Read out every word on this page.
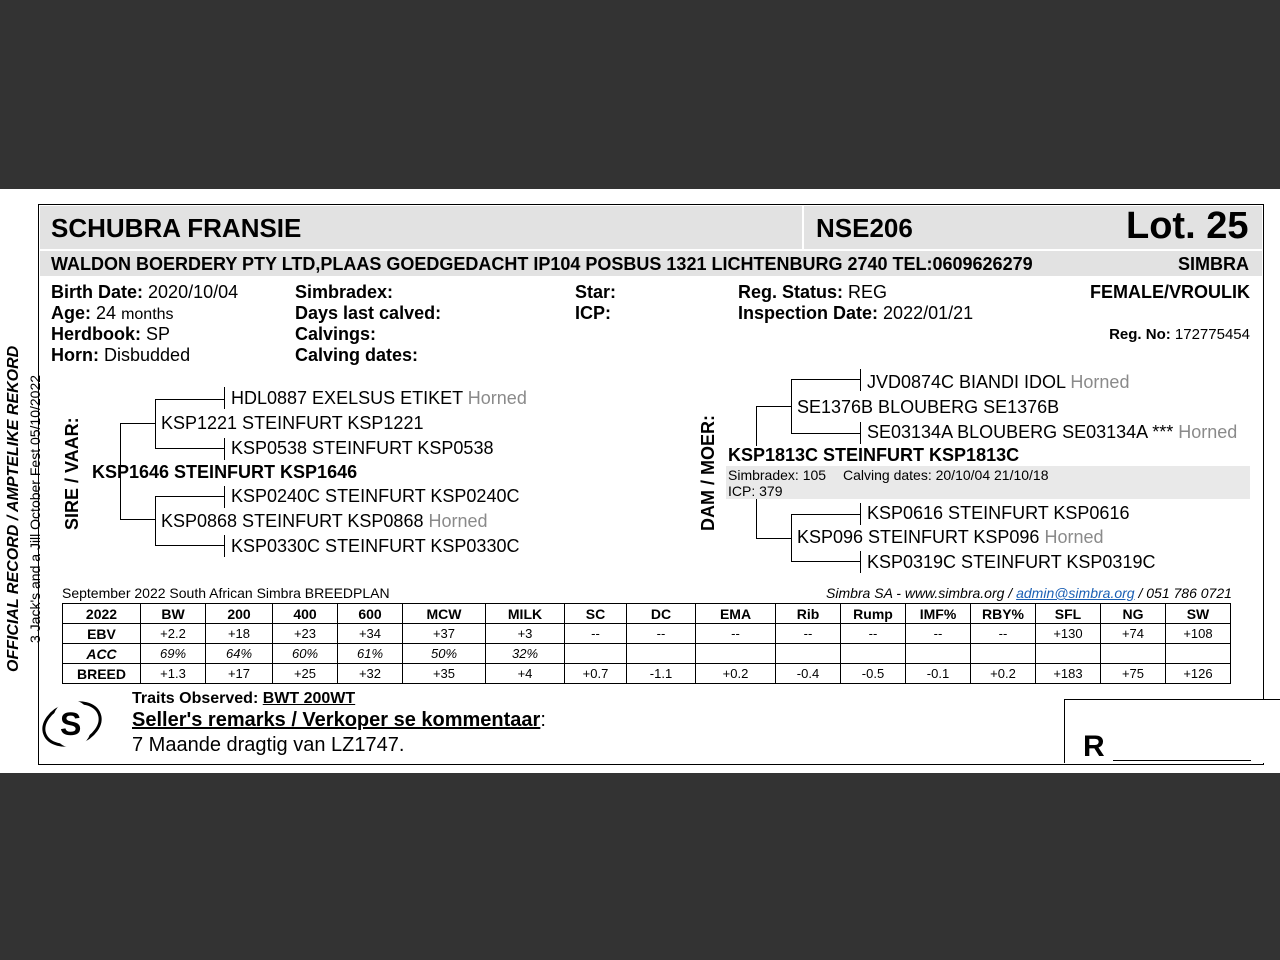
SCHUBRA FRANSIE	NSE206	Lot. 25
WALDON BOERDERY PTY LTD,PLAAS GOEDGEDACHT IP104 POSBUS 1321 LICHTENBURG 2740 TEL:0609626279	SIMBRA
Birth Date: 2020/10/04
Age: 24 months
Herdbook: SP
Horn: Disbudded
Simbradex:
Days last calved:
Calvings:
Calving dates:
Star:
ICP:
Reg. Status: REG
Inspection Date: 2022/01/21
FEMALE/VROULIK
Reg. No: 172775454
OFFICIAL RECORD / AMPTELIKE REKORD 3 Jack's and a Jill October Fest 05/10/2022 SIRE / VAAR:
HDL0887 EXELSUS ETIKET Horned
KSP1221 STEINFURT KSP1221
KSP0538 STEINFURT KSP0538
KSP1646 STEINFURT KSP1646
KSP0240C STEINFURT KSP0240C
KSP0868 STEINFURT KSP0868 Horned
KSP0330C STEINFURT KSP0330C
DAM / MOER:
JVD0874C BIANDI IDOL Horned
SE1376B BLOUBERG SE1376B
SE03134A BLOUBERG SE03134A *** Horned
KSP1813C STEINFURT KSP1813C
Simbradex: 105 Calving dates: 20/10/04 21/10/18
ICP: 379
KSP0616 STEINFURT KSP0616
KSP096 STEINFURT KSP096 Horned
KSP0319C STEINFURT KSP0319C
September 2022 South African Simbra BREEDPLAN	Simbra SA - www.simbra.org / admin@simbra.org / 051 786 0721
2022	BW	200	400	600	MCW	MILK	SC	DC	EMA	Rib	Rump	IMF%	RBY%	SFL	NG	SW
EBV	+2.2	+18	+23	+34	+37	+3	--	--	--	--	--	--	--	+130	+74	+108
ACC	69%	64%	60%	61%	50%	32%										
BREED	+1.3	+17	+25	+32	+35	+4	+0.7	-1.1	+0.2	-0.4	-0.5	-0.1	+0.2	+183	+75	+126
S
Traits Observed: BWT 200WT
Seller's remarks / Verkoper se kommentaar:
7 Maande dragtig van LZ1747.	R
